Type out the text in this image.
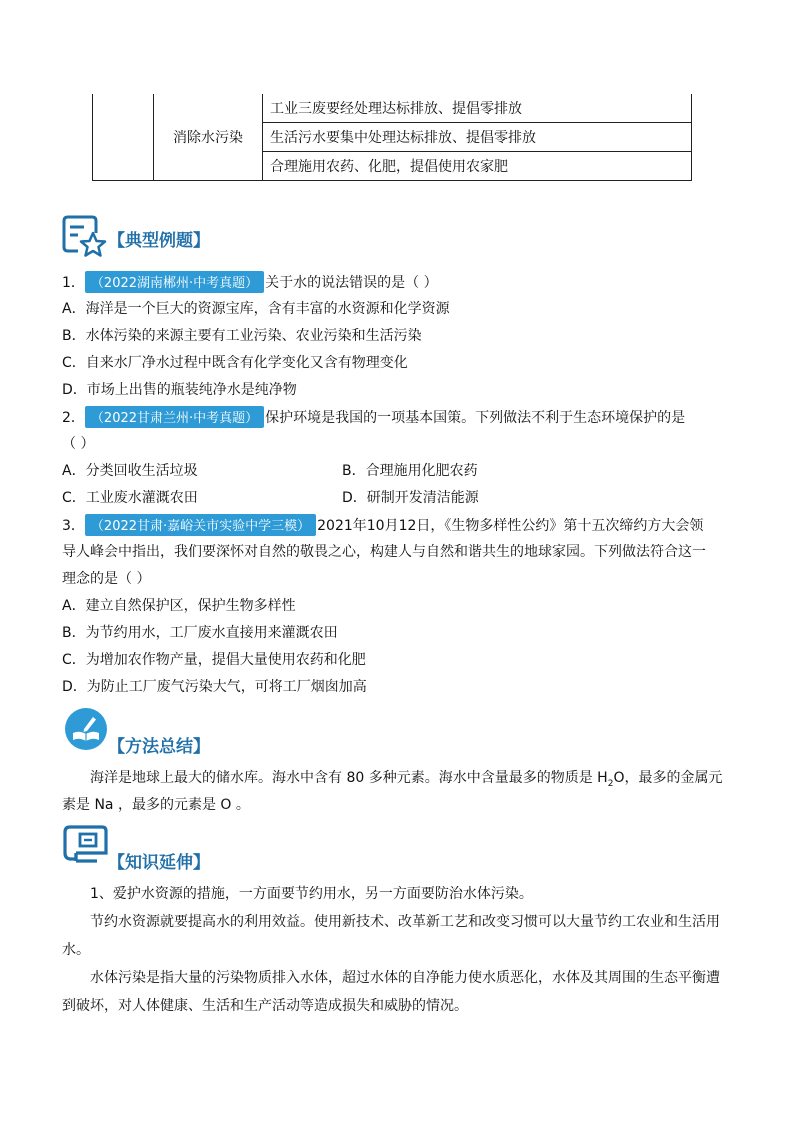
	消除水污染	工业三废要经处理达标排放、提倡零排放
生活污水要集中处理达标排放、提倡零排放
合理施用农药、化肥，提倡使用农家肥
【典型例题】
1． （2022湖南郴州·中考真题） 关于水的说法错误的是（ ）
A．海洋是一个巨大的资源宝库，含有丰富的水资源和化学资源
B．水体污染的来源主要有工业污染、农业污染和生活污染
C．自来水厂净水过程中既含有化学变化又含有物理变化
D．市场上出售的瓶装纯净水是纯净物
2． （2022甘肃兰州·中考真题） 保护环境是我国的一项基本国策。下列做法不利于生态环境保护的是
（ ）
A．分类回收生活垃圾	B．合理施用化肥农药
C．工业废水灌溉农田	D．研制开发清洁能源
3． （2022甘肃·嘉峪关市实验中学三模） 2021年10月12日，《生物多样性公约》第十五次缔约方大会领
导人峰会中指出，我们要深怀对自然的敬畏之心，构建人与自然和谐共生的地球家园。下列做法符合这一
理念的是（ ）
A．建立自然保护区，保护生物多样性
B．为节约用水，工厂废水直接用来灌溉农田
C．为增加农作物产量，提倡大量使用农药和化肥
D．为防止工厂废气污染大气，可将工厂烟囱加高
【方法总结】
海洋是地球上最大的储水库。海水中含有 80 多种元素。海水中含量最多的物质是 $H_2O$，最多的金属元
素是 Na ，最多的元素是 O 。
【知识延伸】
1、爱护水资源的措施，一方面要节约用水，另一方面要防治水体污染。
节约水资源就要提高水的利用效益。使用新技术、改革新工艺和改变习惯可以大量节约工农业和生活用
水。
水体污染是指大量的污染物质排入水体，超过水体的自净能力使水质恶化，水体及其周围的生态平衡遭
到破坏，对人体健康、生活和生产活动等造成损失和威胁的情况。
